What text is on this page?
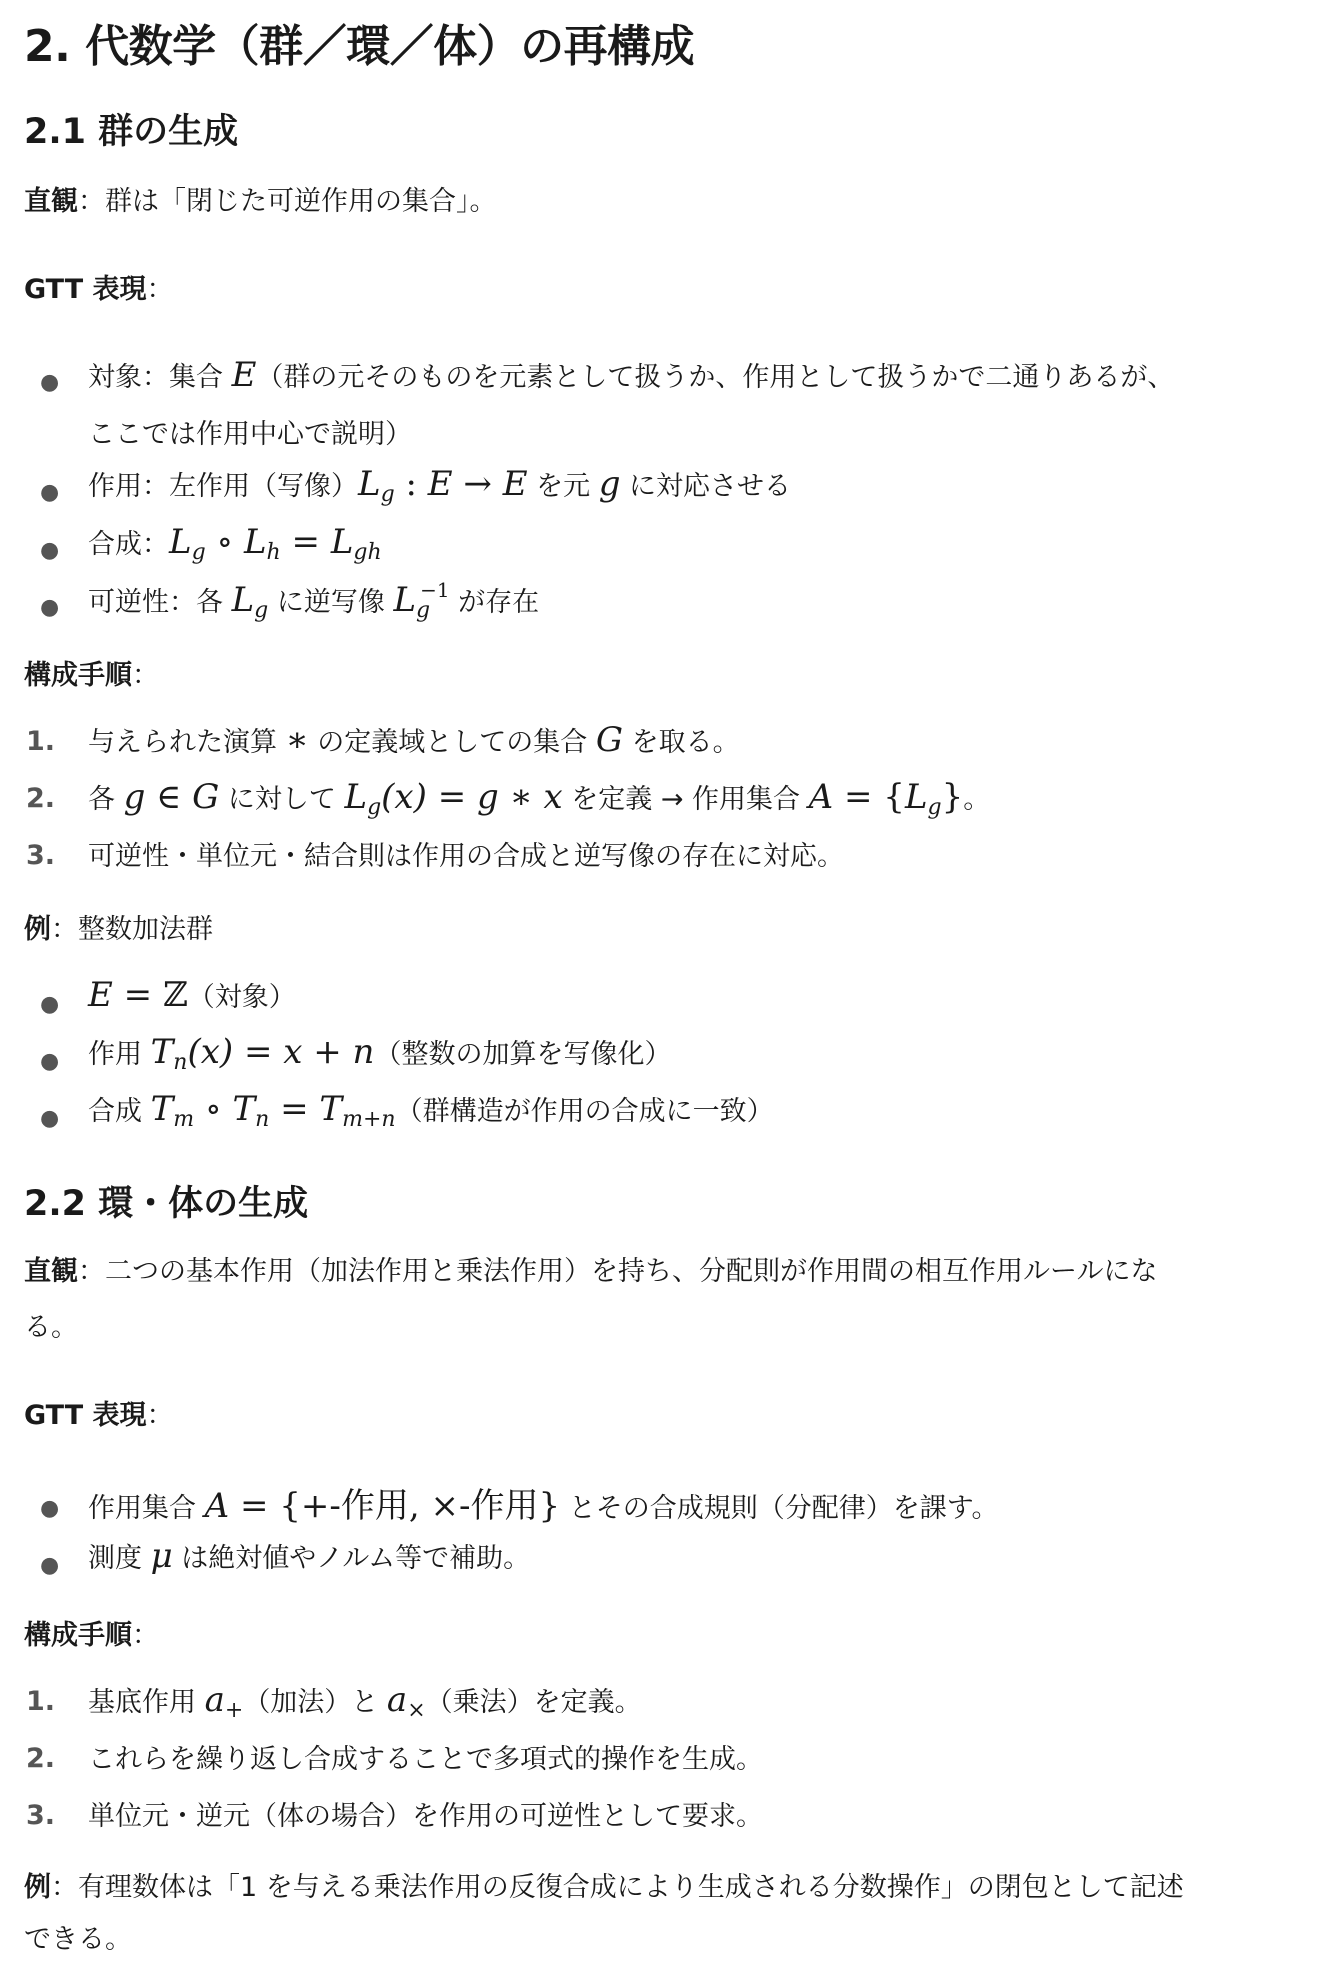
2. 代数学（群／環／体）の再構成
2.1 群の生成
直観：群は「閉じた可逆作用の集合」。
GTT 表現：
● 対象：集合 E（群の元そのものを元素として扱うか、作用として扱うかで二通りあるが、
ここでは作用中心で説明）
● 作用：左作用（写像）$L_g$ : E → E を元 g に対応させる
● 合成：$L_g$ ∘ $L_h = L_{gh}$
● 可逆性：各 $L_g$ に逆写像 $L_g^{-1}$ が存在
構成手順：
1. 与えられた演算 ∗ の定義域としての集合 G を取る。
2. 各 g ∈ G に対して $L_g(x) = g$ ∗ x を定義 → 作用集合 $A = \{L_g\}$。
3. 可逆性・単位元・結合則は作用の合成と逆写像の存在に対応。
例：整数加法群
● E = ℤ（対象）
● 作用 $T_n(x) = x + n$（整数の加算を写像化）
● 合成 $T_m$ ∘ $T_n = T_{m+n}$（群構造が作用の合成に一致）
2.2 環・体の生成
直観：二つの基本作用（加法作用と乗法作用）を持ち、分配則が作用間の相互作用ルールにな
る。
GTT 表現：
● 作用集合 A = {+-作用, ×-作用} とその合成規則（分配律）を課す。
● 測度 μ は絶対値やノルム等で補助。
構成手順：
1. 基底作用 $a_+$（加法）と $a_\times$（乗法）を定義。
2. これらを繰り返し合成することで多項式的操作を生成。
3. 単位元・逆元（体の場合）を作用の可逆性として要求。
例：有理数体は「1 を与える乗法作用の反復合成により生成される分数操作」の閉包として記述
できる。
